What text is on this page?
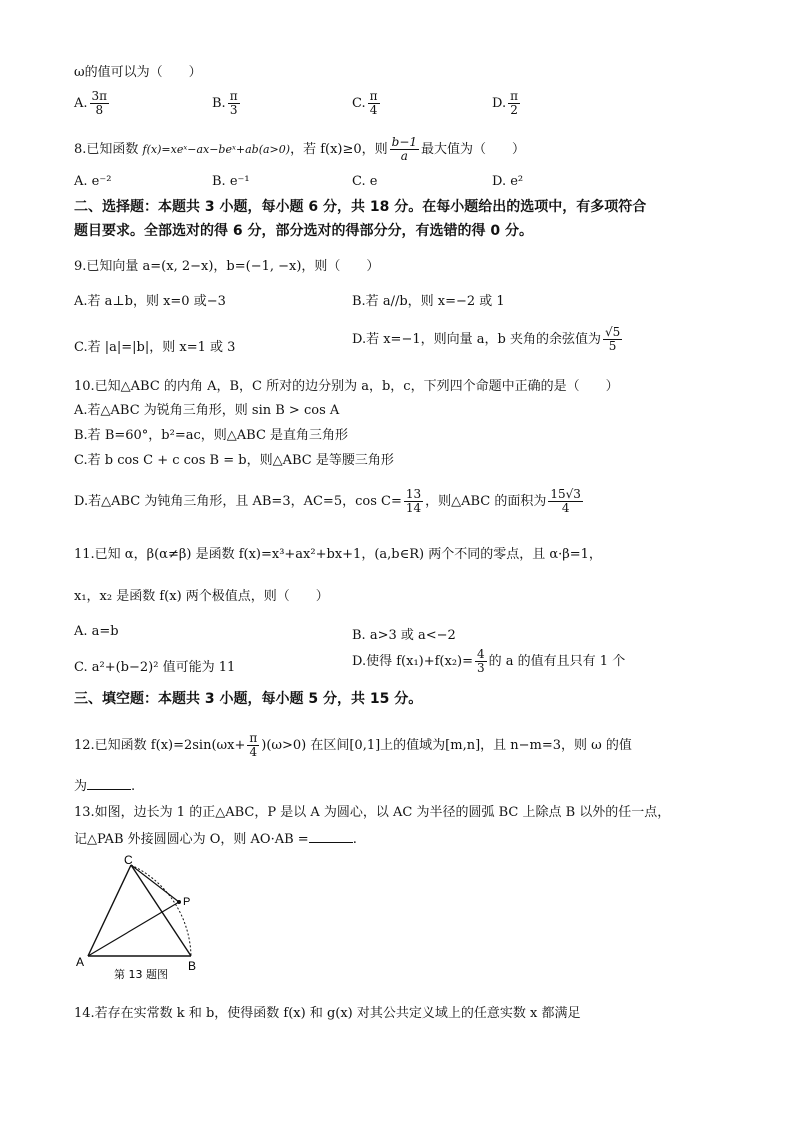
ω的值可以为（　　）
A. $\frac{3\pi}{8}$	B. $\frac{\pi}{3}$	C. $\frac{\pi}{4}$	D. $\frac{\pi}{2}$
8.已知函数 f(x)=xeˣ−ax−beˣ+ab(a>0)，若 f(x)≥0，则 $\frac{b-1}{a}$ 最大值为（　　）
A. e⁻²	B. e⁻¹	C. e	D. e²
二、选择题：本题共 3 小题，每小题 6 分，共 18 分。在每小题给出的选项中，有多项符合
题目要求。全部选对的得 6 分，部分选对的得部分分，有选错的得 0 分。
9.已知向量 a=(x, 2−x)，b=(−1, −x)，则（　　）
A.若 a⊥b，则 x=0 或−3	B.若 a//b，则 x=−2 或 1
C.若 |a|=|b|，则 x=1 或 3
D.若 x=−1，则向量 a，b 夹角的余弦值为 $\frac{√5}{5}$
10.已知△ABC 的内角 A，B，C 所对的边分别为 a，b，c，下列四个命题中正确的是（　　）
A.若△ABC 为锐角三角形，则 sin B > cos A
B.若 B=60°，b²=ac，则△ABC 是直角三角形
C.若 b cos C + c cos B = b，则△ABC 是等腰三角形
D.若△ABC 为钝角三角形，且 AB=3，AC=5，$\cos C= \frac{13}{14}$ ，则△ABC 的面积为 $\frac{15√3}{4}$
11.已知 α，β(α≠β) 是函数 f(x)=x³+ax²+bx+1，(a,b∈R) 两个不同的零点，且 α·β=1，
x₁，x₂ 是函数 f(x) 两个极值点，则（　　）
A. a=b	B. a>3 或 a<−2
C. a²+(b−2)² 值可能为 11	D.使得 $f(x_1)+f(x_2)= \frac{4}{3}$ 的 a 的值有且只有 1 个
三、填空题：本题共 3 小题，每小题 5 分，共 15 分。
12.已知函数 $f(x)=2\sin(\omega x+ \frac{\pi}{4} )(\omega>0)$ 在区间[0,1]上的值域为[m,n]，且 n−m=3，则 ω 的值
为	.
13.如图，边长为 1 的正△ABC，P 是以 A 为圆心，以 AC 为半径的圆弧 BC 上除点 B 以外的任一点，
记△PAB 外接圆圆心为 O，则 AO·AB =	.
A	B
C
P
第 13 题图
14.若存在实常数 k 和 b，使得函数 f(x) 和 g(x) 对其公共定义域上的任意实数 x 都满足
